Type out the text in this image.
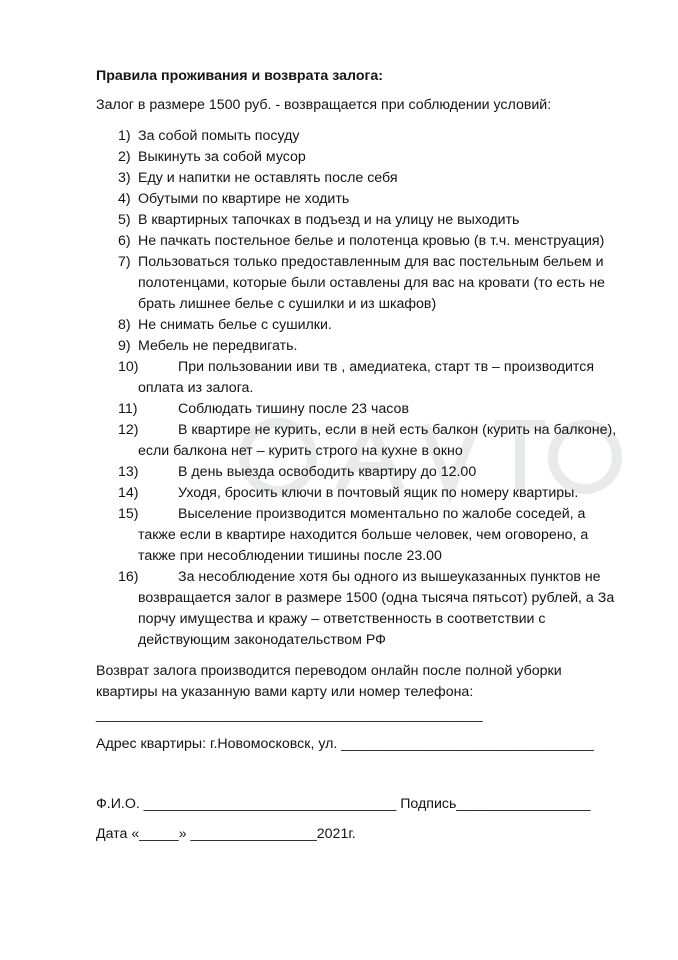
Правила проживания и возврата залога:
Залог в размере 1500 руб. - возвращается при соблюдении условий:
1) За собой помыть посуду
2) Выкинуть за собой мусор
3) Еду и напитки не оставлять после себя
4) Обутыми по квартире не ходить
5) В квартирных тапочках в подъезд и на улицу не выходить
6) Не пачкать постельное белье и полотенца кровью (в т.ч. менструация)
7) Пользоваться только предоставленным для вас постельным бельем и
полотенцами, которые были оставлены для вас на кровати (то есть не
брать лишнее белье с сушилки и из шкафов)
8) Не снимать белье с сушилки.
9) Мебель не передвигать.
10)	При пользовании иви тв , амедиатека, старт тв – производится
оплата из залога.
11)	Соблюдать тишину после 23 часов
12)	В квартире не курить, если в ней есть балкон (курить на балконе),
если балкона нет – курить строго на кухне в окно
13)	В день выезда освободить квартиру до 12.00
14)	Уходя, бросить ключи в почтовый ящик по номеру квартиры.
15)	Выселение производится моментально по жалобе соседей, а
также если в квартире находится больше человек, чем оговорено, а
также при несоблюдении тишины после 23.00
16)	За несоблюдение хотя бы одного из вышеуказанных пунктов не
возвращается залог в размере 1500 (одна тысяча пятьсот) рублей, а За
порчу имущества и кражу – ответственность в соответствии с
действующим законодательством РФ
Возврат залога производится переводом онлайн после полной уборки
квартиры на указанную вами карту или номер телефона:
_________________________________________________
Адрес квартиры: г.Новомосковск, ул. ________________________________
Ф.И.О. ________________________________ Подпись_________________
Дата «_____» ________________2021г.
